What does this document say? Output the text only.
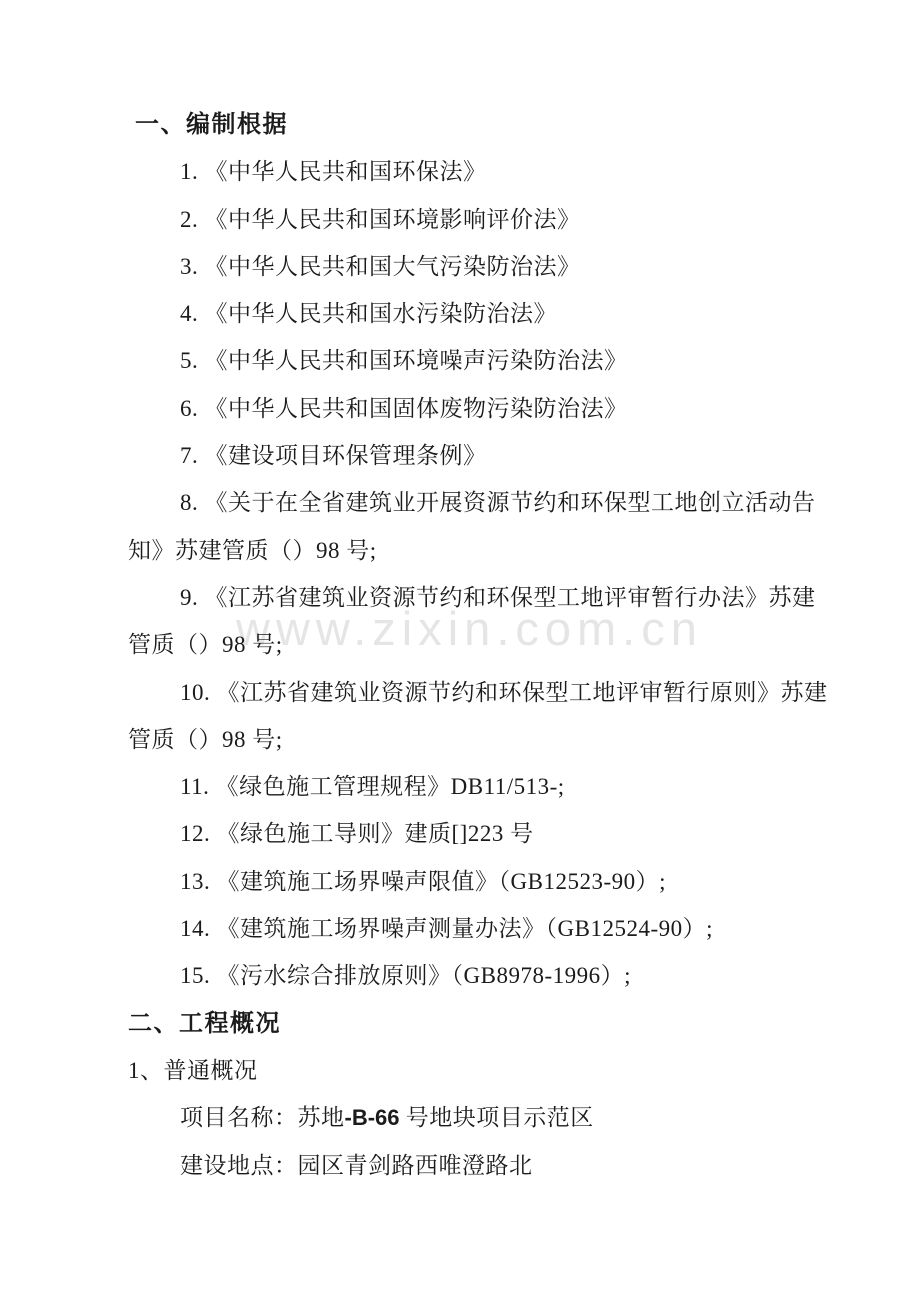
www.zixin.com.cn

一、编制根据

1. 《中华人民共和国环保法》

2. 《中华人民共和国环境影响评价法》

3. 《中华人民共和国大气污染防治法》

4. 《中华人民共和国水污染防治法》

5. 《中华人民共和国环境噪声污染防治法》

6. 《中华人民共和国固体废物污染防治法》

7. 《建设项目环保管理条例》

8. 《关于在全省建筑业开展资源节约和环保型工地创立活动告

知》苏建管质（）98 号;

9. 《江苏省建筑业资源节约和环保型工地评审暂行办法》苏建

管质（）98 号;

10. 《江苏省建筑业资源节约和环保型工地评审暂行原则》苏建

管质（）98 号;

11. 《绿色施工管理规程》DB11/513-;

12. 《绿色施工导则》建质[]223 号

13. 《建筑施工场界噪声限值》（GB12523-90）;

14. 《建筑施工场界噪声测量办法》（GB12524-90）;

15. 《污水综合排放原则》（GB8978-1996）;

二、工程概况

1、普通概况

项目名称：苏地-B-66 号地块项目示范区

建设地点：园区青剑路西唯澄路北
